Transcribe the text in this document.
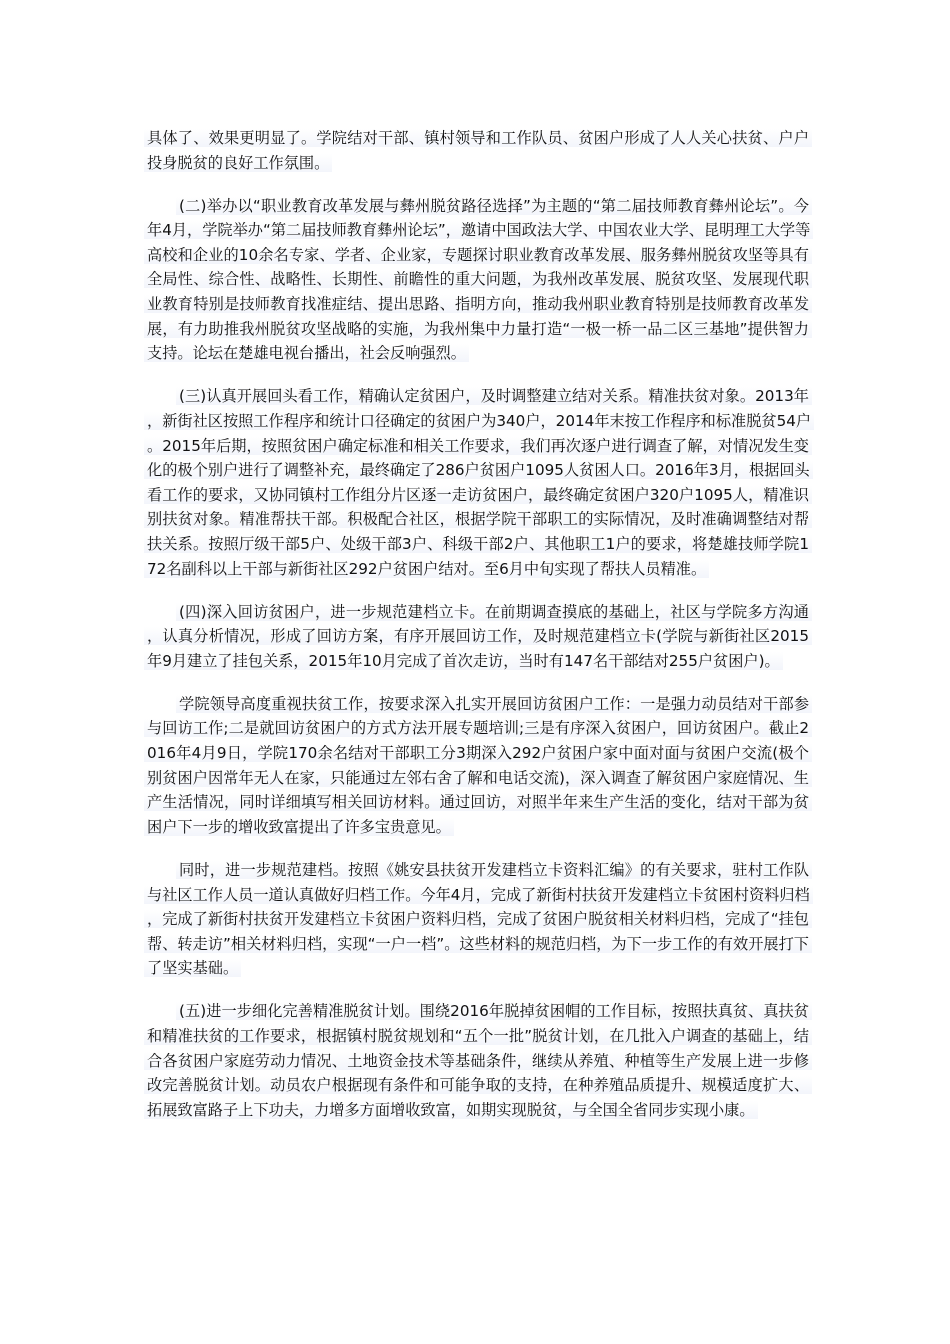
具体了、效果更明显了。学院结对干部、镇村领导和工作队员、贫困户形成了人人关心扶贫、户户投身脱贫的良好工作氛围。

(二)举办以“职业教育改革发展与彝州脱贫路径选择”为主题的“第二届技师教育彝州论坛”。今年4月，学院举办“第二届技师教育彝州论坛”，邀请中国政法大学、中国农业大学、昆明理工大学等高校和企业的10余名专家、学者、企业家，专题探讨职业教育改革发展、服务彝州脱贫攻坚等具有全局性、综合性、战略性、长期性、前瞻性的重大问题，为我州改革发展、脱贫攻坚、发展现代职业教育特别是技师教育找准症结、提出思路、指明方向，推动我州职业教育特别是技师教育改革发展，有力助推我州脱贫攻坚战略的实施，为我州集中力量打造“一极一桥一品二区三基地”提供智力支持。论坛在楚雄电视台播出，社会反响强烈。

(三)认真开展回头看工作，精确认定贫困户，及时调整建立结对关系。精准扶贫对象。2013年，新街社区按照工作程序和统计口径确定的贫困户为340户，2014年末按工作程序和标准脱贫54户。2015年后期，按照贫困户确定标准和相关工作要求，我们再次逐户进行调查了解，对情况发生变化的极个别户进行了调整补充，最终确定了286户贫困户1095人贫困人口。2016年3月，根据回头看工作的要求，又协同镇村工作组分片区逐一走访贫困户，最终确定贫困户320户1095人，精准识别扶贫对象。精准帮扶干部。积极配合社区，根据学院干部职工的实际情况，及时准确调整结对帮扶关系。按照厅级干部5户、处级干部3户、科级干部2户、其他职工1户的要求，将楚雄技师学院172名副科以上干部与新街社区292户贫困户结对。至6月中旬实现了帮扶人员精准。

(四)深入回访贫困户，进一步规范建档立卡。在前期调查摸底的基础上，社区与学院多方沟通，认真分析情况，形成了回访方案，有序开展回访工作，及时规范建档立卡(学院与新街社区2015年9月建立了挂包关系，2015年10月完成了首次走访，当时有147名干部结对255户贫困户)。

学院领导高度重视扶贫工作，按要求深入扎实开展回访贫困户工作：一是强力动员结对干部参与回访工作;二是就回访贫困户的方式方法开展专题培训;三是有序深入贫困户，回访贫困户。截止2016年4月9日，学院170余名结对干部职工分3期深入292户贫困户家中面对面与贫困户交流(极个别贫困户因常年无人在家，只能通过左邻右舍了解和电话交流)，深入调查了解贫困户家庭情况、生产生活情况，同时详细填写相关回访材料。通过回访，对照半年来生产生活的变化，结对干部为贫困户下一步的增收致富提出了许多宝贵意见。

同时，进一步规范建档。按照《姚安县扶贫开发建档立卡资料汇编》的有关要求，驻村工作队与社区工作人员一道认真做好归档工作。今年4月，完成了新街村扶贫开发建档立卡贫困村资料归档，完成了新街村扶贫开发建档立卡贫困户资料归档，完成了贫困户脱贫相关材料归档，完成了“挂包帮、转走访”相关材料归档，实现“一户一档”。这些材料的规范归档，为下一步工作的有效开展打下了坚实基础。

(五)进一步细化完善精准脱贫计划。围绕2016年脱掉贫困帽的工作目标，按照扶真贫、真扶贫和精准扶贫的工作要求，根据镇村脱贫规划和“五个一批”脱贫计划，在几批入户调查的基础上，结合各贫困户家庭劳动力情况、土地资金技术等基础条件，继续从养殖、种植等生产发展上进一步修改完善脱贫计划。动员农户根据现有条件和可能争取的支持，在种养殖品质提升、规模适度扩大、拓展致富路子上下功夫，力增多方面增收致富，如期实现脱贫，与全国全省同步实现小康。
